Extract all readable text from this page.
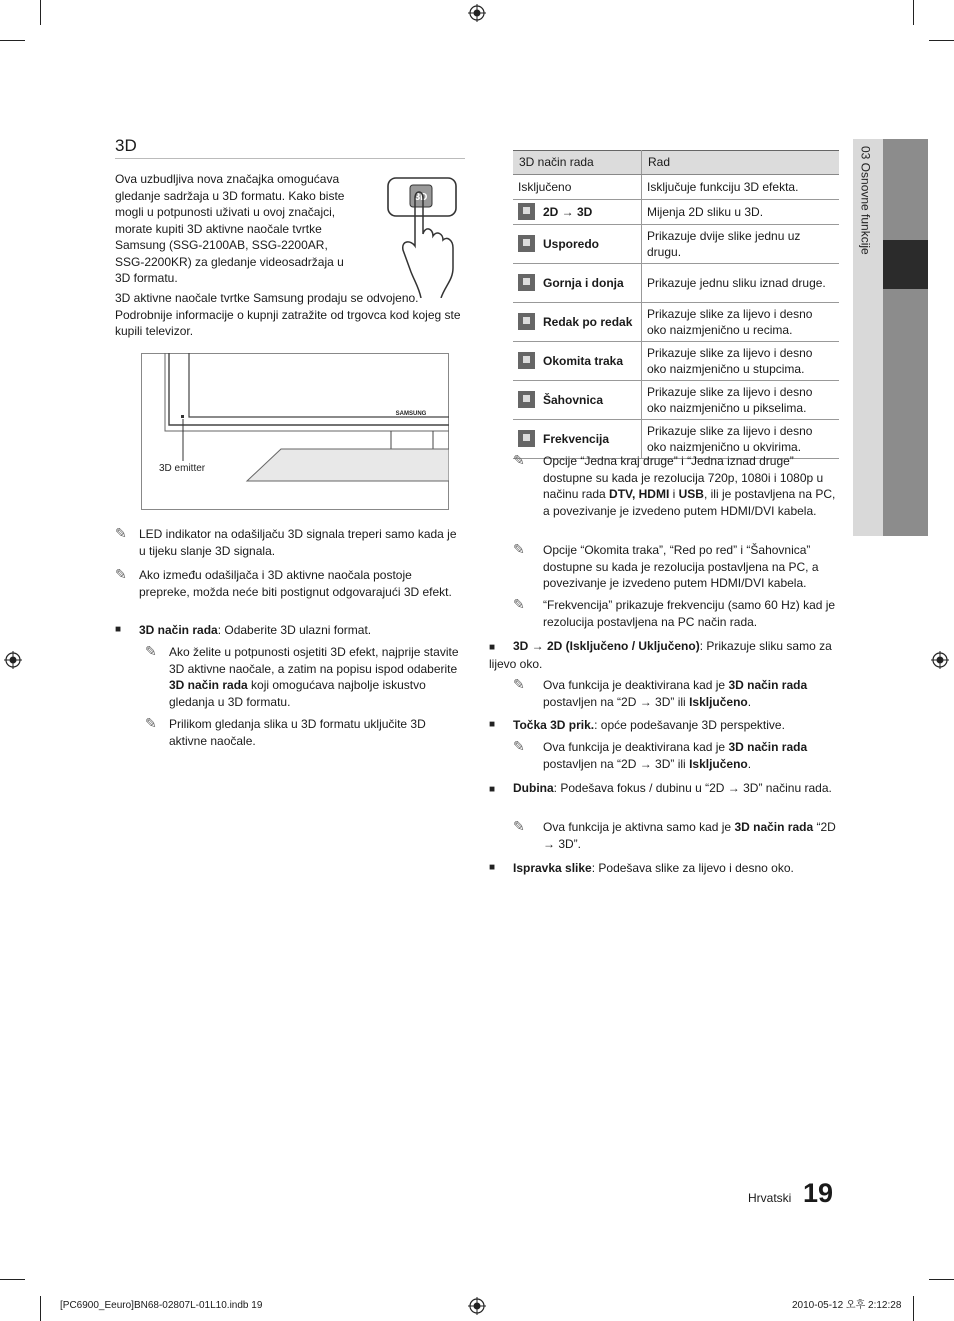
03 Osnovne funkcije
3D
Ova uzbudljiva nova značajka omogućava gledanje sadržaja u 3D formatu. Kako biste mogli u potpunosti uživati u ovoj značajci, morate kupiti 3D aktivne naočale tvrtke Samsung (SSG-2100AB, SSG-2200AR, SSG-2200KR) za gledanje videosadržaja u 3D formatu.
3D
3D aktivne naočale tvrtke Samsung prodaju se odvojeno. Podrobnije informacije o kupnji zatražite od trgovca kod kojeg ste kupili televizor.
SAMSUNG
3D emitter
✎	LED indikator na odašiljaču 3D signala treperi samo kada je u tijeku slanje 3D signala.
✎	Ako između odašiljača i 3D aktivne naočala postoje prepreke, možda neće biti postignut odgovarajući 3D efekt.
■	3D način rada: Odaberite 3D ulazni format.
✎	Ako želite u potpunosti osjetiti 3D efekt, najprije stavite 3D aktivne naočale, a zatim na popisu ispod odaberite 3D način rada koji omogućava najbolje iskustvo gledanja u 3D formatu.
✎	Prilikom gledanja slika u 3D formatu uključite 3D aktivne naočale.
3D način rada	Rad

Isključeno	Isključuje funkciju 3D efekta.

2D → 3D	Mijenja 2D sliku u 3D.

Usporedo	Prikazuje dvije slike jednu uz drugu.

Gornja i donja	Prikazuje jednu sliku iznad druge.

Redak po redak	Prikazuje slike za lijevo i desno oko naizmjenično u recima.

Okomita traka	Prikazuje slike za lijevo i desno oko naizmjenično u stupcima.

Šahovnica	Prikazuje slike za lijevo i desno oko naizmjenično u pikselima.

Frekvencija	Prikazuje slike za lijevo i desno oko naizmjenično u okvirima.
✎	Opcije “Jedna kraj druge” i “Jedna iznad druge” dostupne su kada je rezolucija 720p, 1080i i 1080p u načinu rada DTV, HDMI i USB, ili je postavljena na PC, a povezivanje je izvedeno putem HDMI/DVI kabela.
✎	Opcije “Okomita traka”, “Red po red” i “Šahovnica” dostupne su kada je rezolucija postavljena na PC, a povezivanje je izvedeno putem HDMI/DVI kabela.
✎	“Frekvencija” prikazuje frekvenciju (samo 60 Hz) kad je rezolucija postavljena na PC način rada.
■ 3D → 2D (Isključeno / Uključeno): Prikazuje sliku samo za lijevo oko.
✎	Ova funkcija je deaktivirana kad je 3D način rada postavljen na “2D → 3D” ili Isključeno.
■	Točka 3D prik.: opće podešavanje 3D perspektive.
✎	Ova funkcija je deaktivirana kad je 3D način rada postavljen na “2D → 3D” ili Isključeno.
■ Dubina: Podešava fokus / dubinu u “2D → 3D” načinu rada.
✎	Ova funkcija je aktivna samo kad je 3D način rada “2D → 3D”.
■	Ispravka slike: Podešava slike za lijevo i desno oko.
Hrvatski 19
[PC6900_Eeuro]BN68-02807L-01L10.indb 19	2010-05-12 오후 2:12:28
